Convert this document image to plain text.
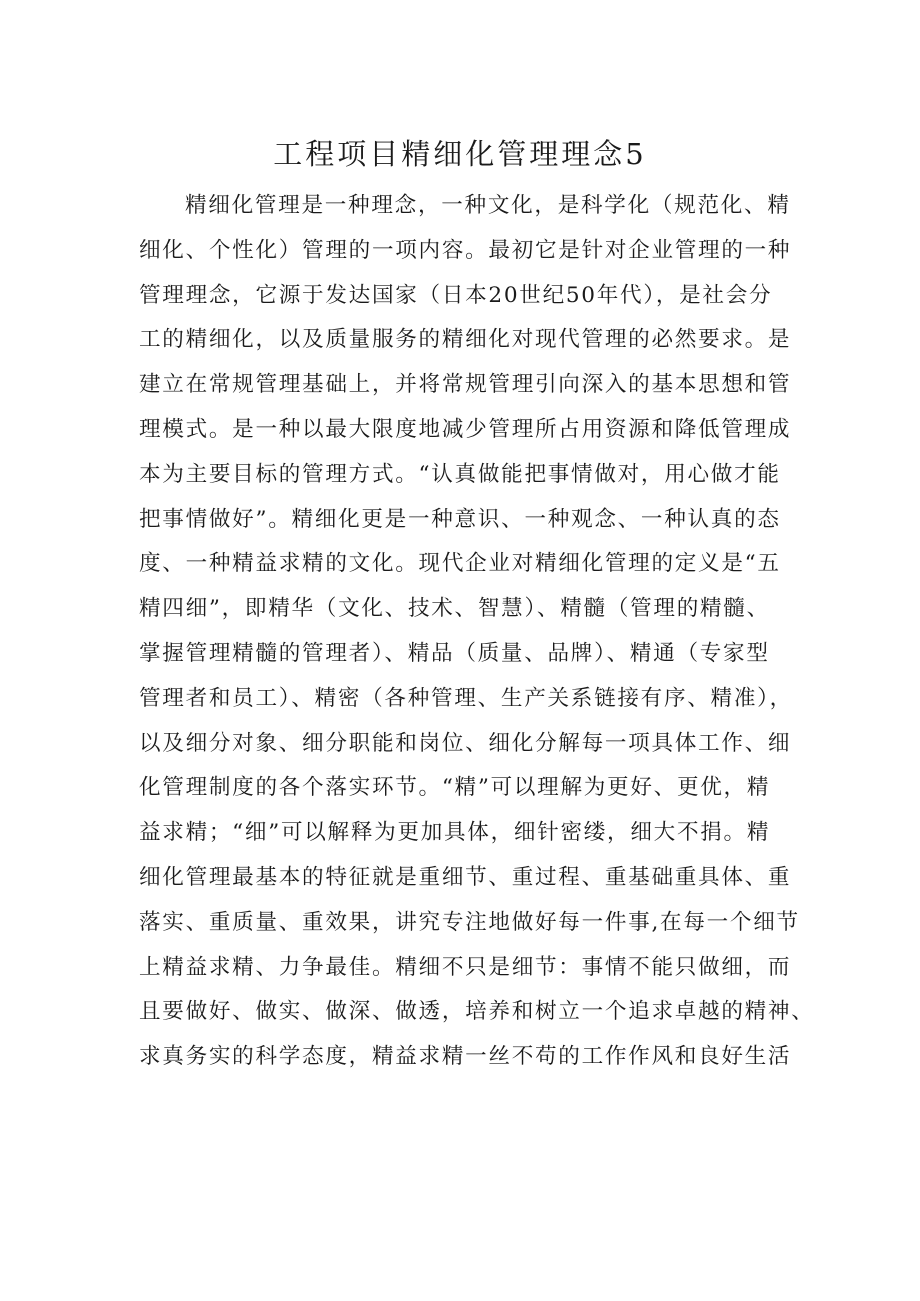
工程项目精细化管理理念5
精细化管理是一种理念，一种文化，是科学化（规范化、精
细化、个性化）管理的一项内容。最初它是针对企业管理的一种
管理理念，它源于发达国家（日本20世纪50年代），是社会分
工的精细化，以及质量服务的精细化对现代管理的必然要求。是
建立在常规管理基础上，并将常规管理引向深入的基本思想和管
理模式。是一种以最大限度地减少管理所占用资源和降低管理成
本为主要目标的管理方式。“认真做能把事情做对，用心做才能
把事情做好”。精细化更是一种意识、一种观念、一种认真的态
度、一种精益求精的文化。现代企业对精细化管理的定义是“五
精四细”，即精华（文化、技术、智慧）、精髓（管理的精髓、
掌握管理精髓的管理者）、精品（质量、品牌）、精通（专家型
管理者和员工）、精密（各种管理、生产关系链接有序、精准），
以及细分对象、细分职能和岗位、细化分解每一项具体工作、细
化管理制度的各个落实环节。“精”可以理解为更好、更优，精
益求精；“细”可以解释为更加具体，细针密缕，细大不捐。精
细化管理最基本的特征就是重细节、重过程、重基础重具体、重
落实、重质量、重效果，讲究专注地做好每一件事,在每一个细节
上精益求精、力争最佳。精细不只是细节：事情不能只做细，而
且要做好、做实、做深、做透，培养和树立一个追求卓越的精神、
求真务实的科学态度，精益求精一丝不苟的工作作风和良好生活
